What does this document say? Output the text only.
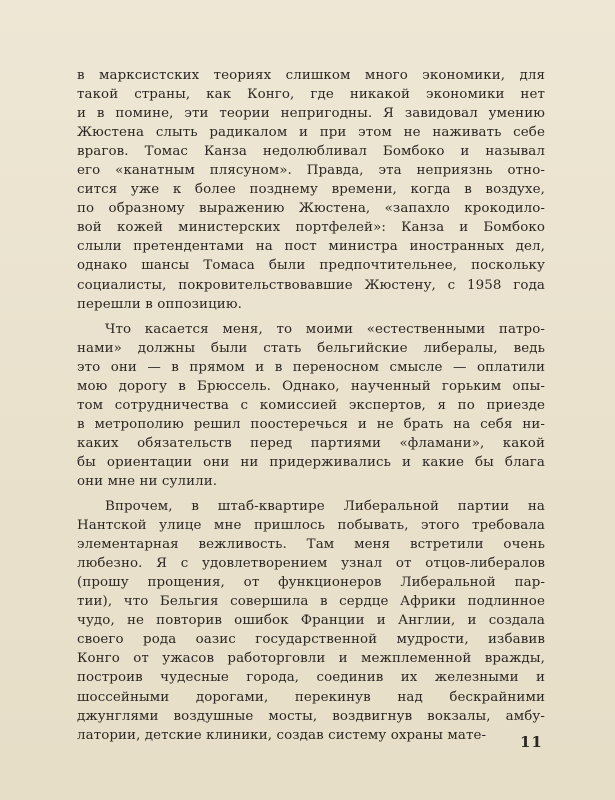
в марксистских теориях слишком много экономики, для
такой страны, как Конго, где никакой экономики нет
и в помине, эти теории непригодны. Я завидовал умению
Жюстена слыть радикалом и при этом не наживать себе
врагов. Томас Канза недолюбливал Бомбоко и называл
его «канатным плясуном». Правда, эта неприязнь отно-
сится уже к более позднему времени, когда в воздухе,
по образному выражению Жюстена, «запахло крокодило-
вой кожей министерских портфелей»: Канза и Бомбоко
слыли претендентами на пост министра иностранных дел,
однако шансы Томаса были предпочтительнее, поскольку
социалисты, покровительствовавшие Жюстену, с 1958 года
перешли в оппозицию.
Что касается меня, то моими «естественными патро-
нами» должны были стать бельгийские либералы, ведь
это они — в прямом и в переносном смысле — оплатили
мою дорогу в Брюссель. Однако, наученный горьким опы-
том сотрудничества с комиссией экспертов, я по приезде
в метрополию решил поостеречься и не брать на себя ни-
каких обязательств перед партиями «фламани», какой
бы ориентации они ни придерживались и какие бы блага
они мне ни сулили.
Впрочем, в штаб-квартире Либеральной партии на
Нантской улице мне пришлось побывать, этого требовала
элементарная вежливость. Там меня встретили очень
любезно. Я с удовлетворением узнал от отцов-либералов
(прошу прощения, от функционеров Либеральной пар-
тии), что Бельгия совершила в сердце Африки подлинное
чудо, не повторив ошибок Франции и Англии, и создала
своего рода оазис государственной мудрости, избавив
Конго от ужасов работорговли и межплеменной вражды,
построив чудесные города, соединив их железными и
шоссейными дорогами, перекинув над бескрайними
джунглями воздушные мосты, воздвигнув вокзалы, амбу-
латории, детские клиники, создав систему охраны мате-	11
